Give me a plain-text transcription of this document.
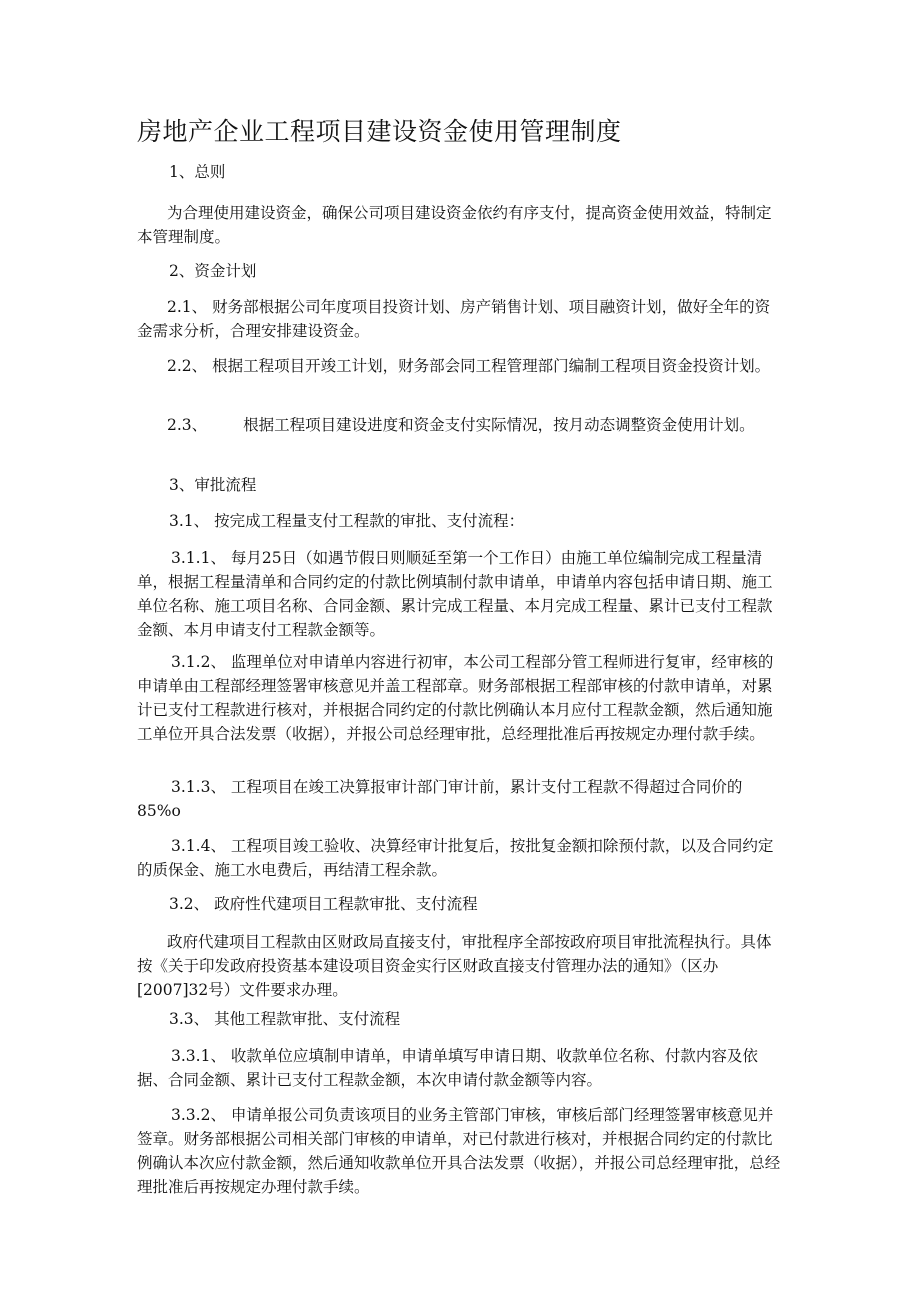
房地产企业工程项目建设资金使用管理制度

1、总则

为合理使用建设资金，确保公司项目建设资金依约有序支付，提高资金使用效益，特制定本管理制度。

2、资金计划

2.1、 财务部根据公司年度项目投资计划、房产销售计划、项目融资计划，做好全年的资金需求分析，合理安排建设资金。

2.2、 根据工程项目开竣工计划，财务部会同工程管理部门编制工程项目资金投资计划。

2.3、 根据工程项目建设进度和资金支付实际情况，按月动态调整资金使用计划。

3、审批流程

3.1、 按完成工程量支付工程款的审批、支付流程：

3.1.1、 每月25日（如遇节假日则顺延至第一个工作日）由施工单位编制完成工程量清单，根据工程量清单和合同约定的付款比例填制付款申请单，申请单内容包括申请日期、施工单位名称、施工项目名称、合同金额、累计完成工程量、本月完成工程量、累计已支付工程款金额、本月申请支付工程款金额等。

3.1.2、 监理单位对申请单内容进行初审，本公司工程部分管工程师进行复审，经审核的申请单由工程部经理签署审核意见并盖工程部章。财务部根据工程部审核的付款申请单，对累计已支付工程款进行核对，并根据合同约定的付款比例确认本月应付工程款金额，然后通知施工单位开具合法发票（收据），并报公司总经理审批，总经理批准后再按规定办理付款手续。

3.1.3、 工程项目在竣工决算报审计部门审计前，累计支付工程款不得超过合同价的85%o

3.1.4、 工程项目竣工验收、决算经审计批复后，按批复金额扣除预付款，以及合同约定的质保金、施工水电费后，再结清工程余款。

3.2、 政府性代建项目工程款审批、支付流程

政府代建项目工程款由区财政局直接支付，审批程序全部按政府项目审批流程执行。具体按《关于印发政府投资基本建设项目资金实行区财政直接支付管理办法的通知》（区办[2007]32号）文件要求办理。

3.3、 其他工程款审批、支付流程

3.3.1、 收款单位应填制申请单，申请单填写申请日期、收款单位名称、付款内容及依据、合同金额、累计已支付工程款金额，本次申请付款金额等内容。

3.3.2、 申请单报公司负责该项目的业务主管部门审核，审核后部门经理签署审核意见并签章。财务部根据公司相关部门审核的申请单，对已付款进行核对，并根据合同约定的付款比例确认本次应付款金额，然后通知收款单位开具合法发票（收据），并报公司总经理审批，总经理批准后再按规定办理付款手续。
